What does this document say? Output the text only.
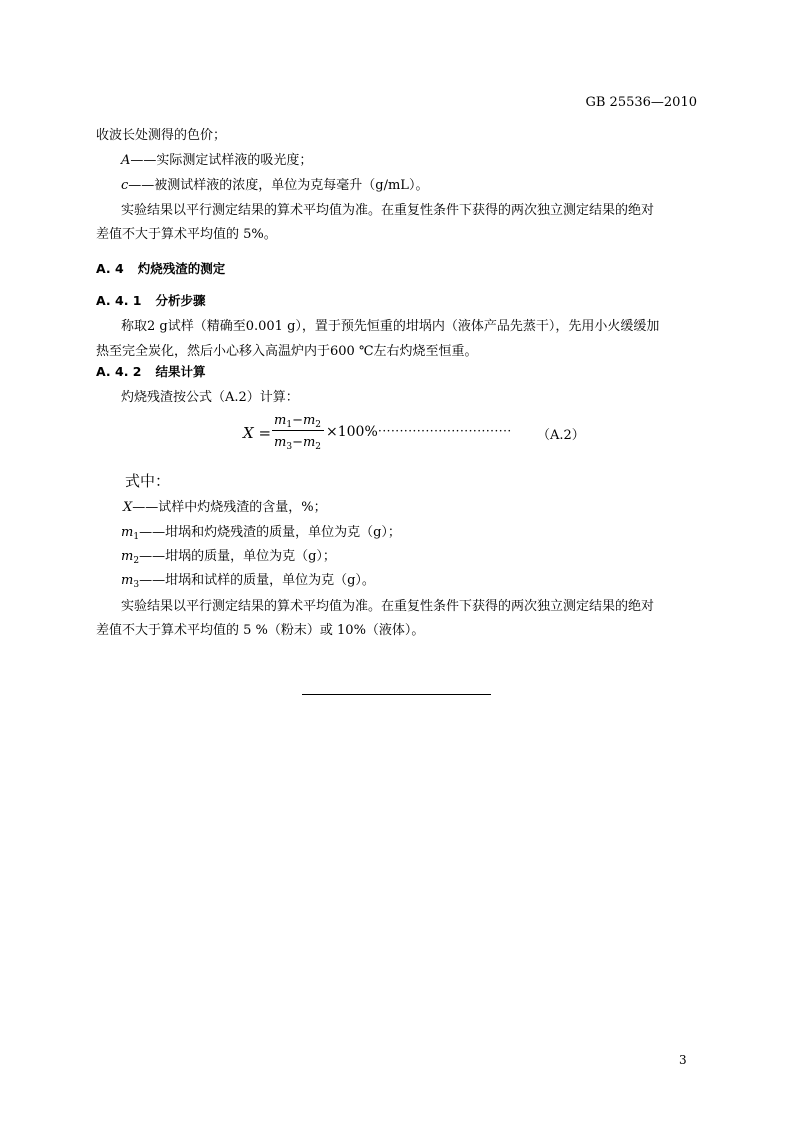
GB 25536—2010
收波长处测得的色价；
A——实际测定试样液的吸光度；
c——被测试样液的浓度，单位为克每毫升（g/mL）。
实验结果以平行测定结果的算术平均值为准。在重复性条件下获得的两次独立测定结果的绝对
差值不大于算术平均值的 5%。
A. 4 灼烧残渣的测定
A. 4. 1 分析步骤
称取2 g试样（精确至0.001 g），置于预先恒重的坩埚内（液体产品先蒸干），先用小火缓缓加
热至完全炭化，然后小心移入高温炉内于600 ℃左右灼烧至恒重。
A. 4. 2 结果计算
灼烧残渣按公式（A.2）计算：
X =
$m_1-m_2$
$m_3-m_2$
×100% ······························· （A.2）
式中：
X——试样中灼烧残渣的含量，%；
$m_1——$坩埚和灼烧残渣的质量，单位为克（g）；
$m_2——$坩埚的质量，单位为克（g）；
$m_3——$坩埚和试样的质量，单位为克（g）。
实验结果以平行测定结果的算术平均值为准。在重复性条件下获得的两次独立测定结果的绝对
差值不大于算术平均值的 5 %（粉末）或 10%（液体）。
3
